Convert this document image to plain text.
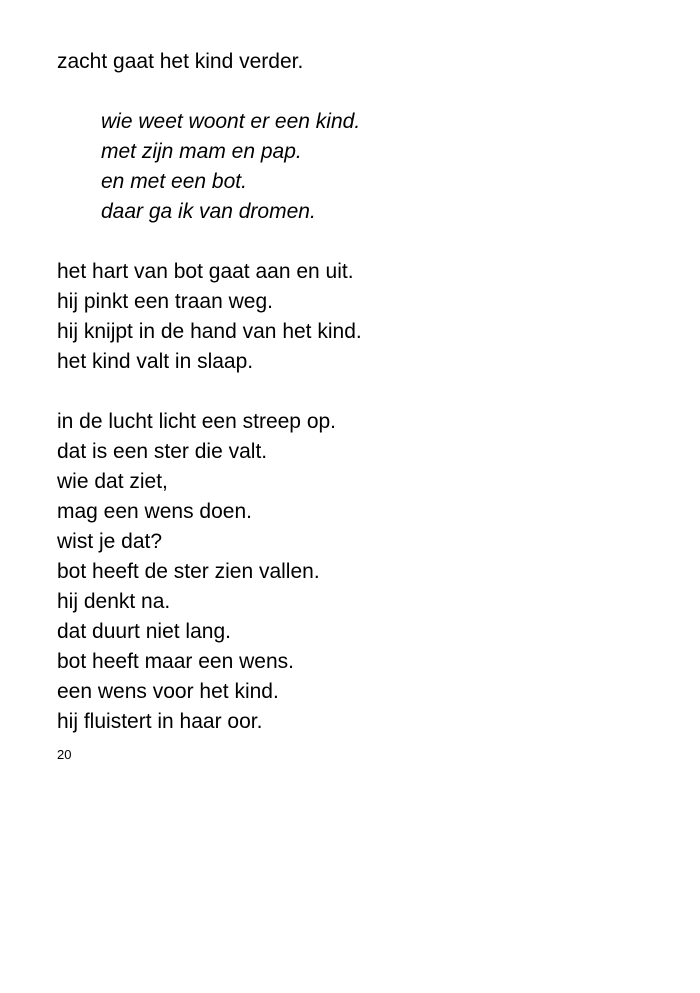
zacht gaat het kind verder.
wie weet woont er een kind.
met zijn mam en pap.
en met een bot.
daar ga ik van dromen.
het hart van bot gaat aan en uit.
hij pinkt een traan weg.
hij knijpt in de hand van het kind.
het kind valt in slaap.
in de lucht licht een streep op.
dat is een ster die valt.
wie dat ziet,
mag een wens doen.
wist je dat?
bot heeft de ster zien vallen.
hij denkt na.
dat duurt niet lang.
bot heeft maar een wens.
een wens voor het kind.
hij fluistert in haar oor.
20
